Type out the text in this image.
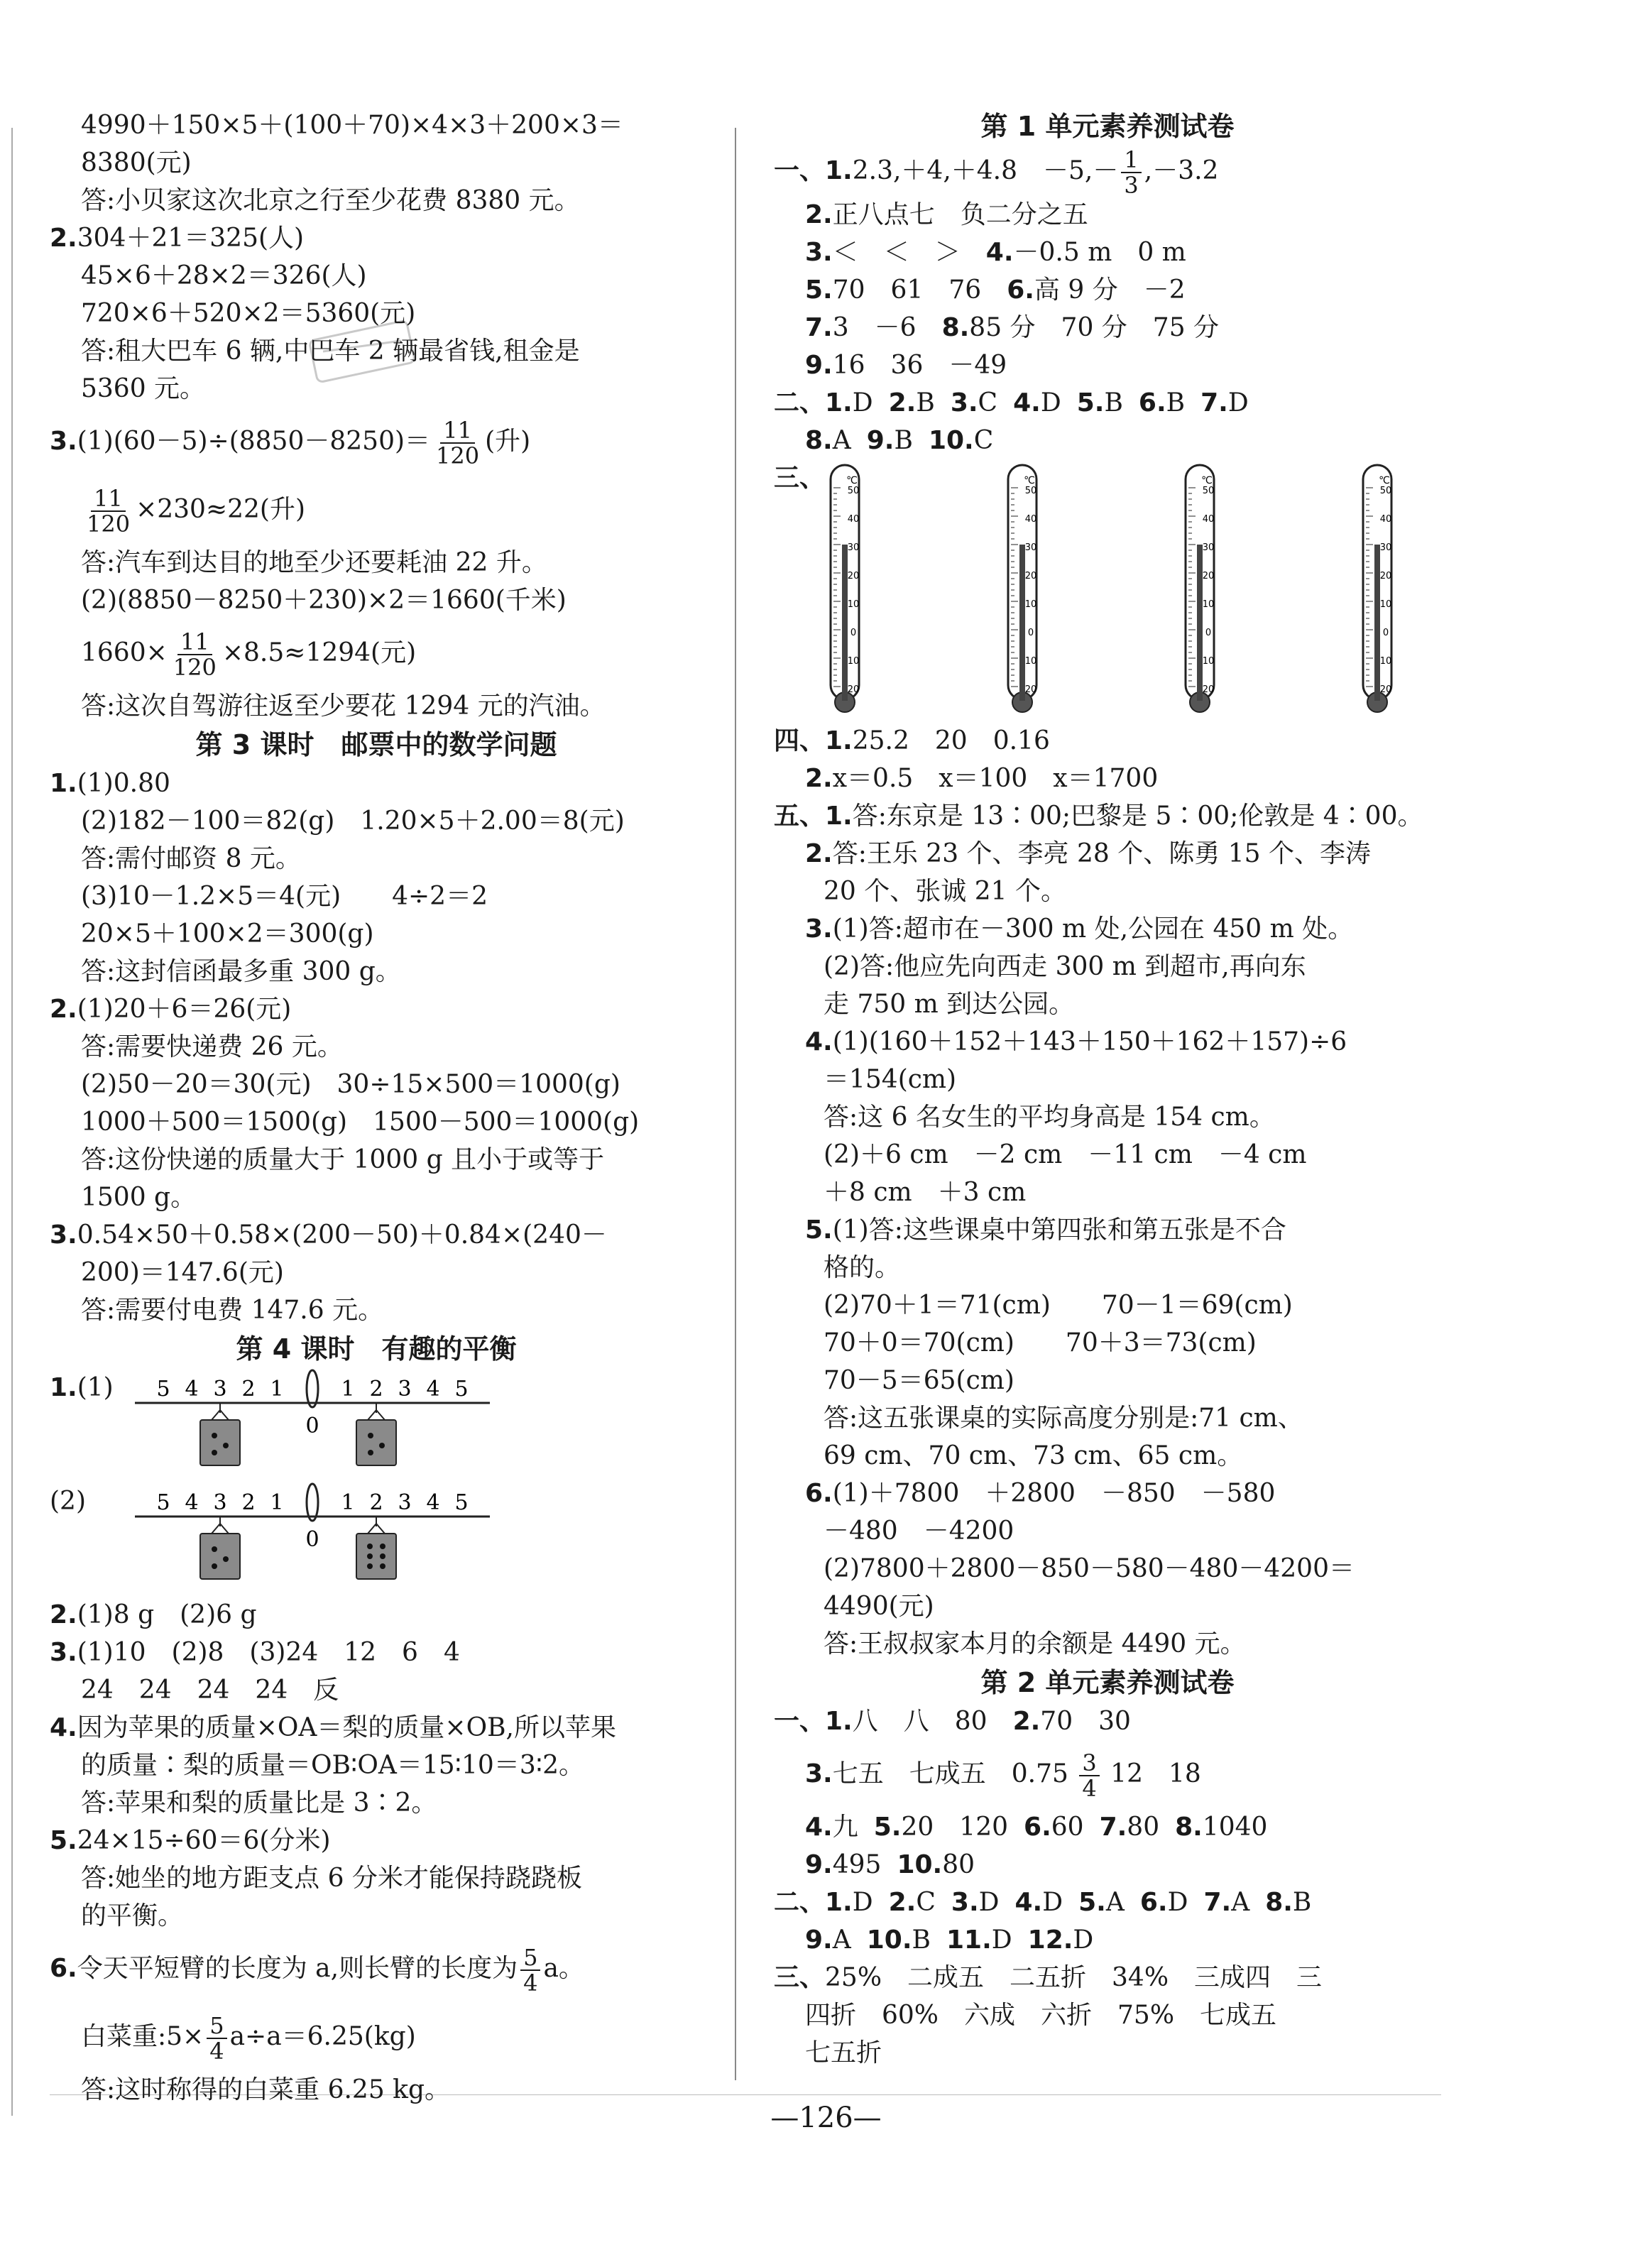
4990＋150×5＋(100＋70)×4×3＋200×3＝
8380(元)
答:小贝家这次北京之行至少花费 8380 元。
2.304＋21＝325(人)
45×6＋28×2＝326(人)
720×6＋520×2＝5360(元)
答:租大巴车 6 辆,中巴车 2 辆最省钱,租金是
5360 元。
$3.(1)(60-5)\div(8850-8250)= \frac{11}{120}$ (升)
$\frac{11}{120} \times 230\approx 22$(升)
答:汽车到达目的地至少还要耗油 22 升。
(2)(8850－8250＋230)×2＝1660(千米)
$1660\times \frac{11}{120} \times 8.5\approx 1294$(元)
答:这次自驾游往返至少要花 1294 元的汽油。
第 3 课时　邮票中的数学问题
1.(1)0.80
(2)182－100＝82(g)　1.20×5＋2.00＝8(元)
答:需付邮资 8 元。
(3)10－1.2×5＝4(元)　　4÷2＝2
20×5＋100×2＝300(g)
答:这封信函最多重 300 g。
2.(1)20＋6＝26(元)
答:需要快递费 26 元。
(2)50－20＝30(元)　30÷15×500＝1000(g)
1000＋500＝1500(g)　1500－500＝1000(g)
答:这份快递的质量大于 1000 g 且小于或等于
1500 g。
3.0.54×50＋0.58×(200－50)＋0.84×(240－
200)＝147.6(元)
答:需要付电费 147.6 元。
第 4 课时　有趣的平衡
1.(1) 5 4 3 2 1	1 2 3 4 5
0
(2)	5 4 3 2 1	1 2 3 4 5
0
2.(1)8 g　(2)6 g
3.(1)10　(2)8　(3)24　12　6　4
24　24　24　24　反
4.因为苹果的质量×OA＝梨的质量×OB,所以苹果
的质量∶梨的质量＝OB∶OA＝15∶10＝3∶2。
答:苹果和梨的质量比是 3∶2。
5.24×15÷60＝6(分米)
答:她坐的地方距支点 6 分米才能保持跷跷板
的平衡。
6.令天平短臂的长度为 a,则长臂的长度为 $\frac{5}{4}$ a。
白菜重:5× $\frac{5}{4} a\div a=6.25(kg)$
答:这时称得的白菜重 6.25 kg。
第 1 单元素养测试卷
一、1.2.3,＋4,＋4.8　$-5,- \frac{1}{3} ,-3.2$
2.正八点七　负二分之五
3.＜　＜　＞　 4.－0.5 m　0 m
5.70　61　76　 6.高 9 分　－2
7.3　－6　 8.85 分　70 分　75 分
9.16　36　－49
二、1.D 2.B 3.C 4.D 5.B 6.B 7.D
8.A 9.B 10.C
三、 ℃
50
40
30
20
10
0
10
20
℃
50
40
30
20
10
0
10
20
℃
50
40
30
20
10
0
10
20
℃
50
40
30
20
10
0
10
20
四、1.25.2　20　0.16
2.x＝0.5　x＝100　x＝1700
五、1.答:东京是 13∶00;巴黎是 5∶00;伦敦是 4∶00。
2.答:王乐 23 个、李亮 28 个、陈勇 15 个、李涛
20 个、张诚 21 个。
3.(1)答:超市在－300 m 处,公园在 450 m 处。
(2)答:他应先向西走 300 m 到超市,再向东
走 750 m 到达公园。
4.(1)(160＋152＋143＋150＋162＋157)÷6
＝154(cm)
答:这 6 名女生的平均身高是 154 cm。
(2)＋6 cm　－2 cm　－11 cm　－4 cm
＋8 cm　＋3 cm
5.(1)答:这些课桌中第四张和第五张是不合
格的。
(2)70＋1＝71(cm)　　70－1＝69(cm)
70＋0＝70(cm)　　70＋3＝73(cm)
70－5＝65(cm)
答:这五张课桌的实际高度分别是:71 cm、
69 cm、70 cm、73 cm、65 cm。
6.(1)＋7800　＋2800　－850　－580
－480　－4200
(2)7800＋2800－850－580－480－4200＝
4490(元)
答:王叔叔家本月的余额是 4490 元。
第 2 单元素养测试卷
一、1.八　八　80　 2.70　30
3.七五　七成五　$0.75 \frac{3}{4} 12$　18
4.九 5.20　120 6.60 7.80 8.1040
9.495 10.80
二、1.D 2.C 3.D 4.D 5.A 6.D 7.A 8.B
9.A 10.B 11.D 12.D
三、25%　二成五　二五折　34%　三成四　三
四折　60%　六成　六折　75%　七成五
七五折
—126—
